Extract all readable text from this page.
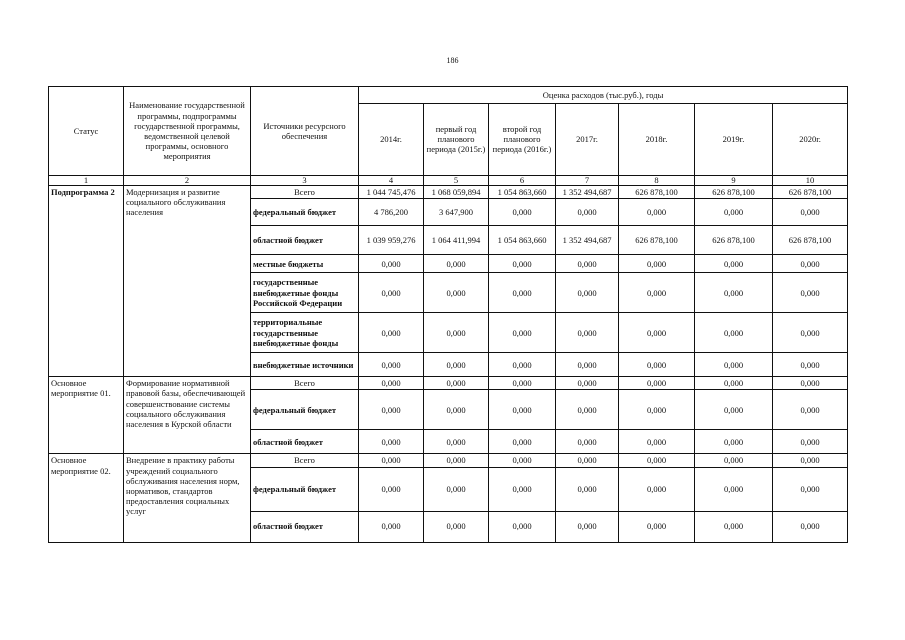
186
Статус	Наименование государственной программы, подпрограммы государственной программы, ведомственной целевой программы, основного мероприятия	Источники ресурсного обеспечения	Оценка расходов (тыс.руб.), годы						
			2014г.	первый год планового периода (2015г.)	второй год планового периода (2016г.)	2017г.	2018г.	2019г.	2020г.
1	2	3	4	5	6	7	8	9	10
Подпрограмма 2	Модернизация и развитие социального обслуживания населения	Всего	1 044 745,476	1 068 059,894	1 054 863,660	1 352 494,687	626 878,100	626 878,100	626 878,100
		федеральный бюджет	4 786,200	3 647,900	0,000	0,000	0,000	0,000	0,000
		областной бюджет	1 039 959,276	1 064 411,994	1 054 863,660	1 352 494,687	626 878,100	626 878,100	626 878,100
		местные бюджеты	0,000	0,000	0,000	0,000	0,000	0,000	0,000
		государственные внебюджетные фонды Российской Федерации	0,000	0,000	0,000	0,000	0,000	0,000	0,000
		территориальные государственные внебюджетные фонды	0,000	0,000	0,000	0,000	0,000	0,000	0,000
		внебюджетные источники	0,000	0,000	0,000	0,000	0,000	0,000	0,000
Основное мероприятие 01.	Формирование нормативной правовой базы, обеспечивающей совершенствование системы социального обслуживания населения в Курской области	Всего	0,000	0,000	0,000	0,000	0,000	0,000	0,000
		федеральный бюджет	0,000	0,000	0,000	0,000	0,000	0,000	0,000
		областной бюджет	0,000	0,000	0,000	0,000	0,000	0,000	0,000
Основное мероприятие 02.	Внедрение в практику работы учреждений социального обслуживания населения норм, нормативов, стандартов предоставления социальных услуг	Всего	0,000	0,000	0,000	0,000	0,000	0,000	0,000
		федеральный бюджет	0,000	0,000	0,000	0,000	0,000	0,000	0,000
		областной бюджет	0,000	0,000	0,000	0,000	0,000	0,000	0,000
